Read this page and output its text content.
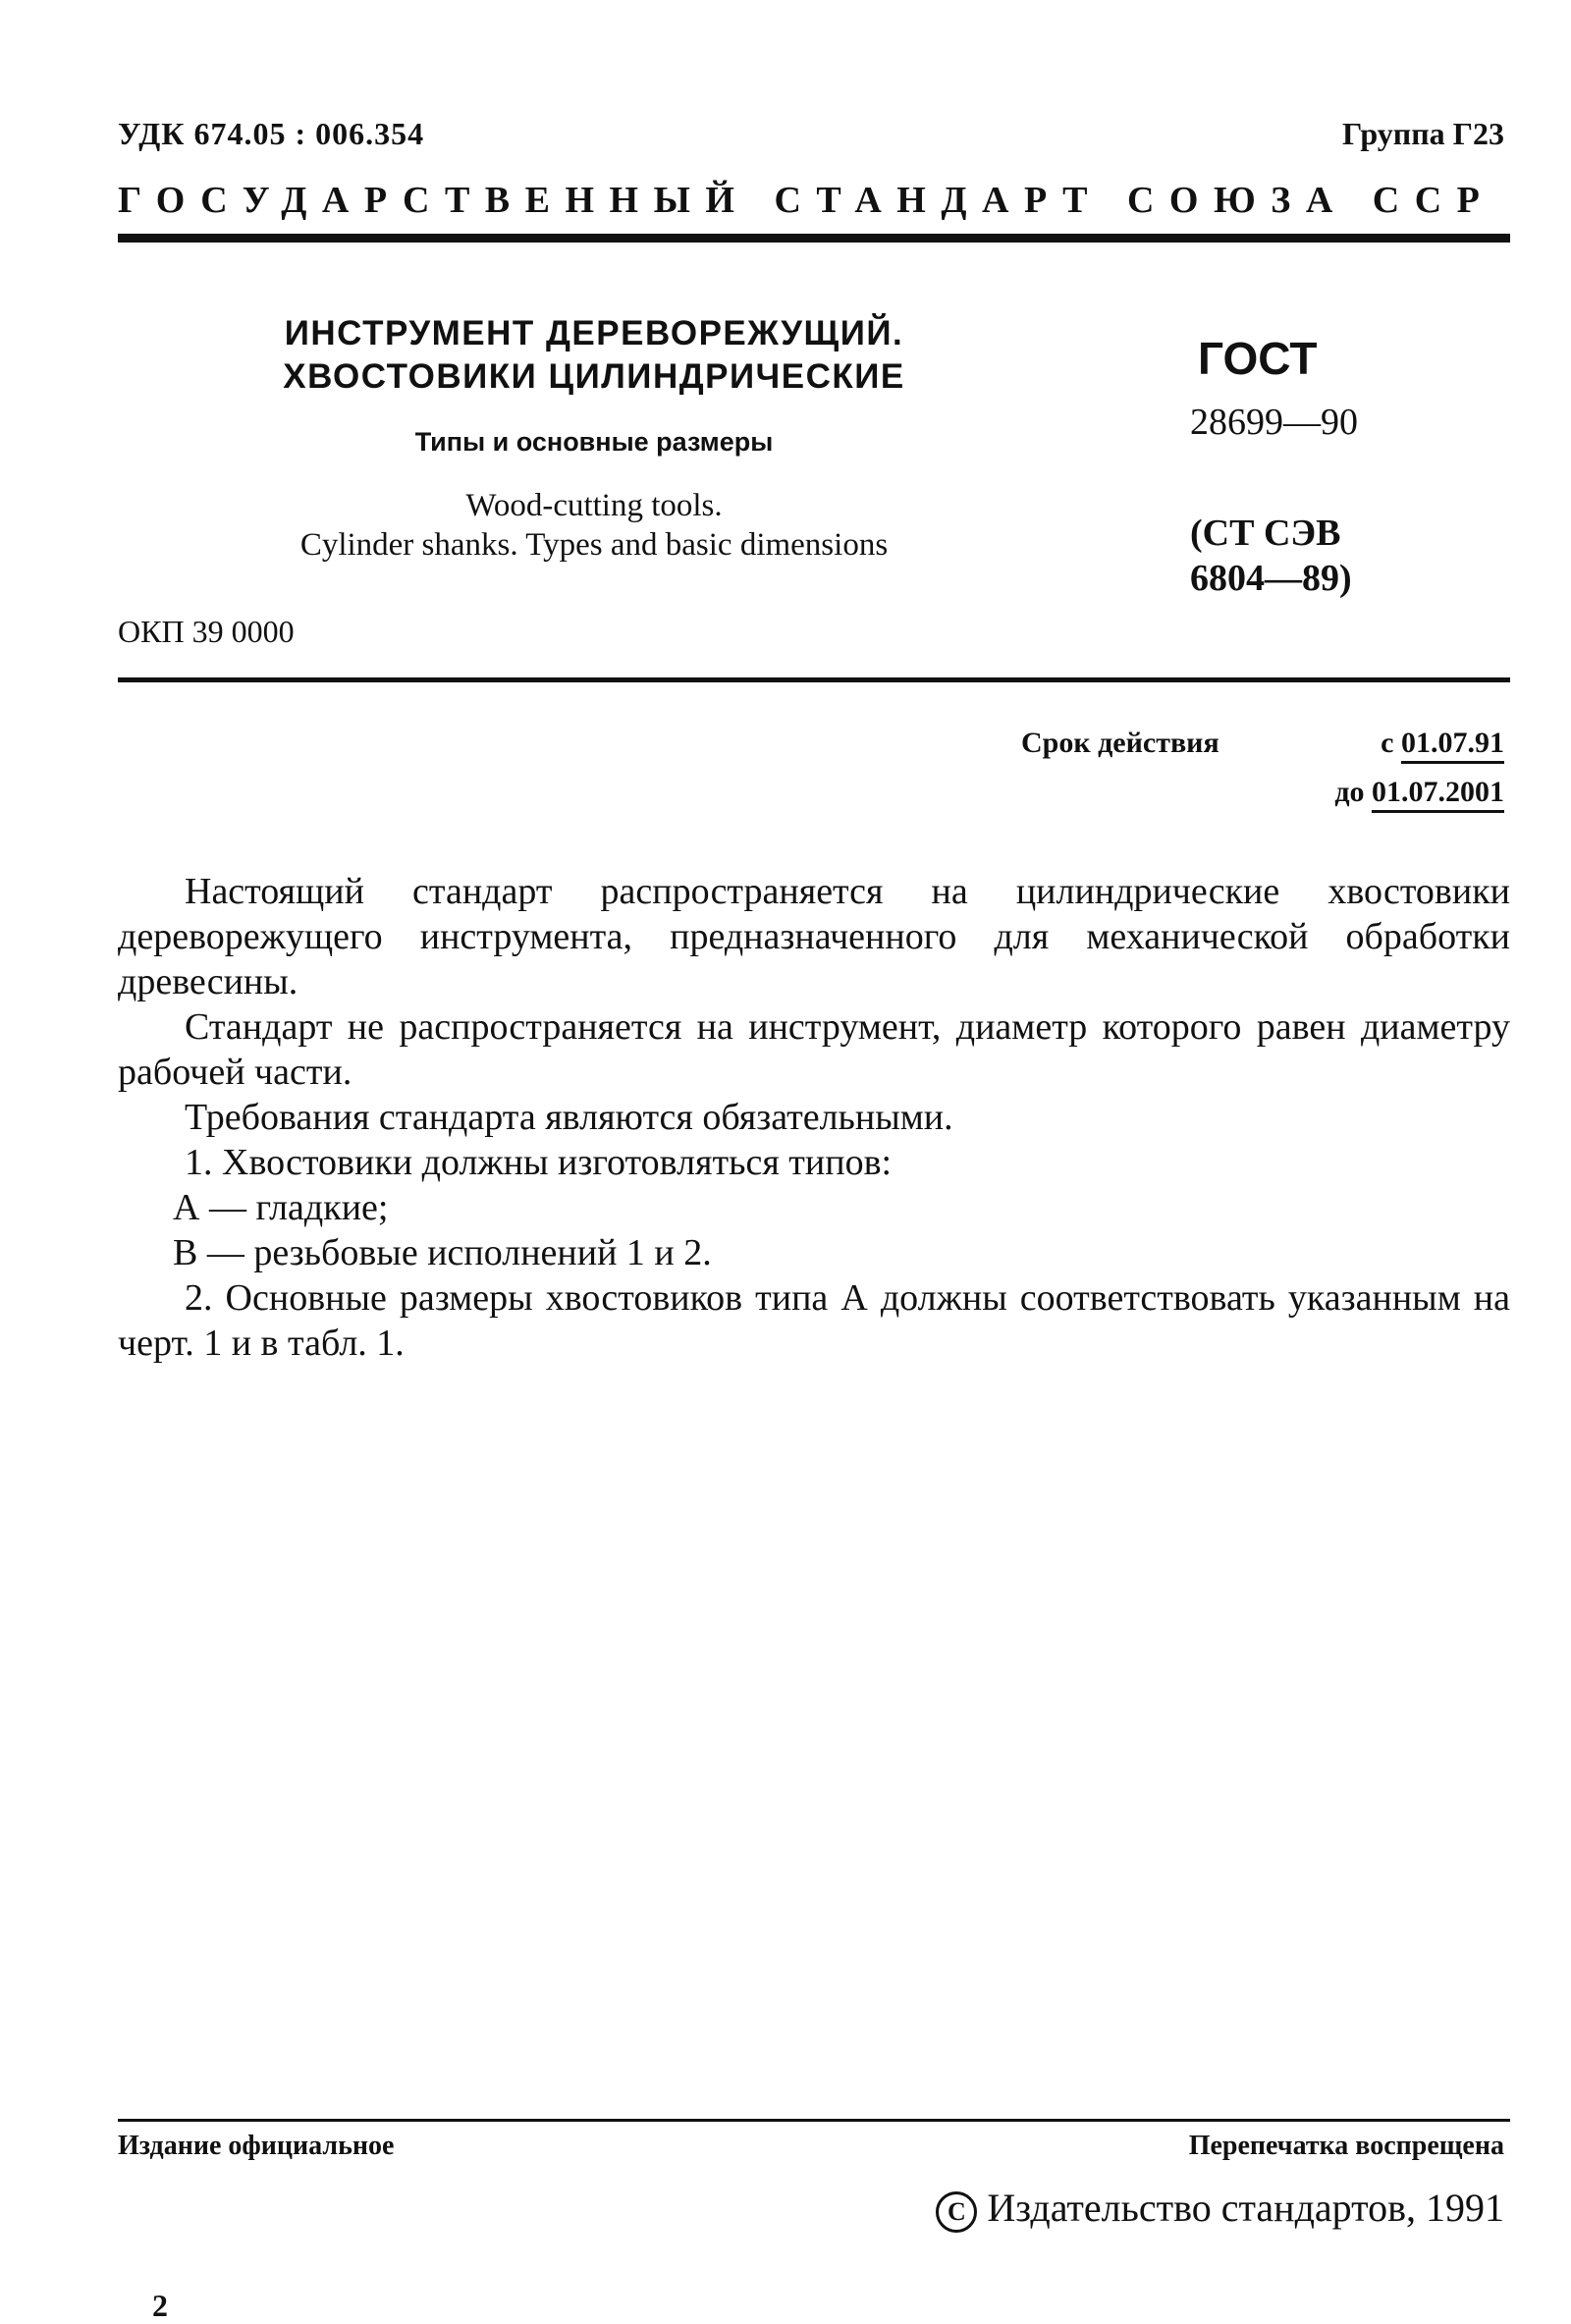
УДК 674.05 : 006.354	Группа Г23
ГОСУДАРСТВЕННЫЙ СТАНДАРТ СОЮЗА ССР
ИНСТРУМЕНТ ДЕРЕВОРЕЖУЩИЙ.
ХВОСТОВИКИ ЦИЛИНДРИЧЕСКИЕ
Типы и основные размеры
Wood-cutting tools.
Cylinder shanks. Types and basic dimensions
ГОСТ
28699—90
(СТ СЭВ
6804—89)
ОКП 39 0000
Срок действия	с 01.07.91
до 01.07.2001

Настоящий стандарт распространяется на цилиндрические хвостовики дереворежущего инструмента, предназначенного для механической обработки древесины.

Стандарт не распространяется на инструмент, диаметр которого равен диаметру рабочей части.

Требования стандарта являются обязательными.

1. Хвостовики должны изготовляться типов:

А — гладкие;

В — резьбовые исполнений 1 и 2.

2. Основные размеры хвостовиков типа А должны соответствовать указанным на черт. 1 и в табл. 1.

Издание официальное	Перепечатка воспрещена
С Издательство стандартов, 1991
2
